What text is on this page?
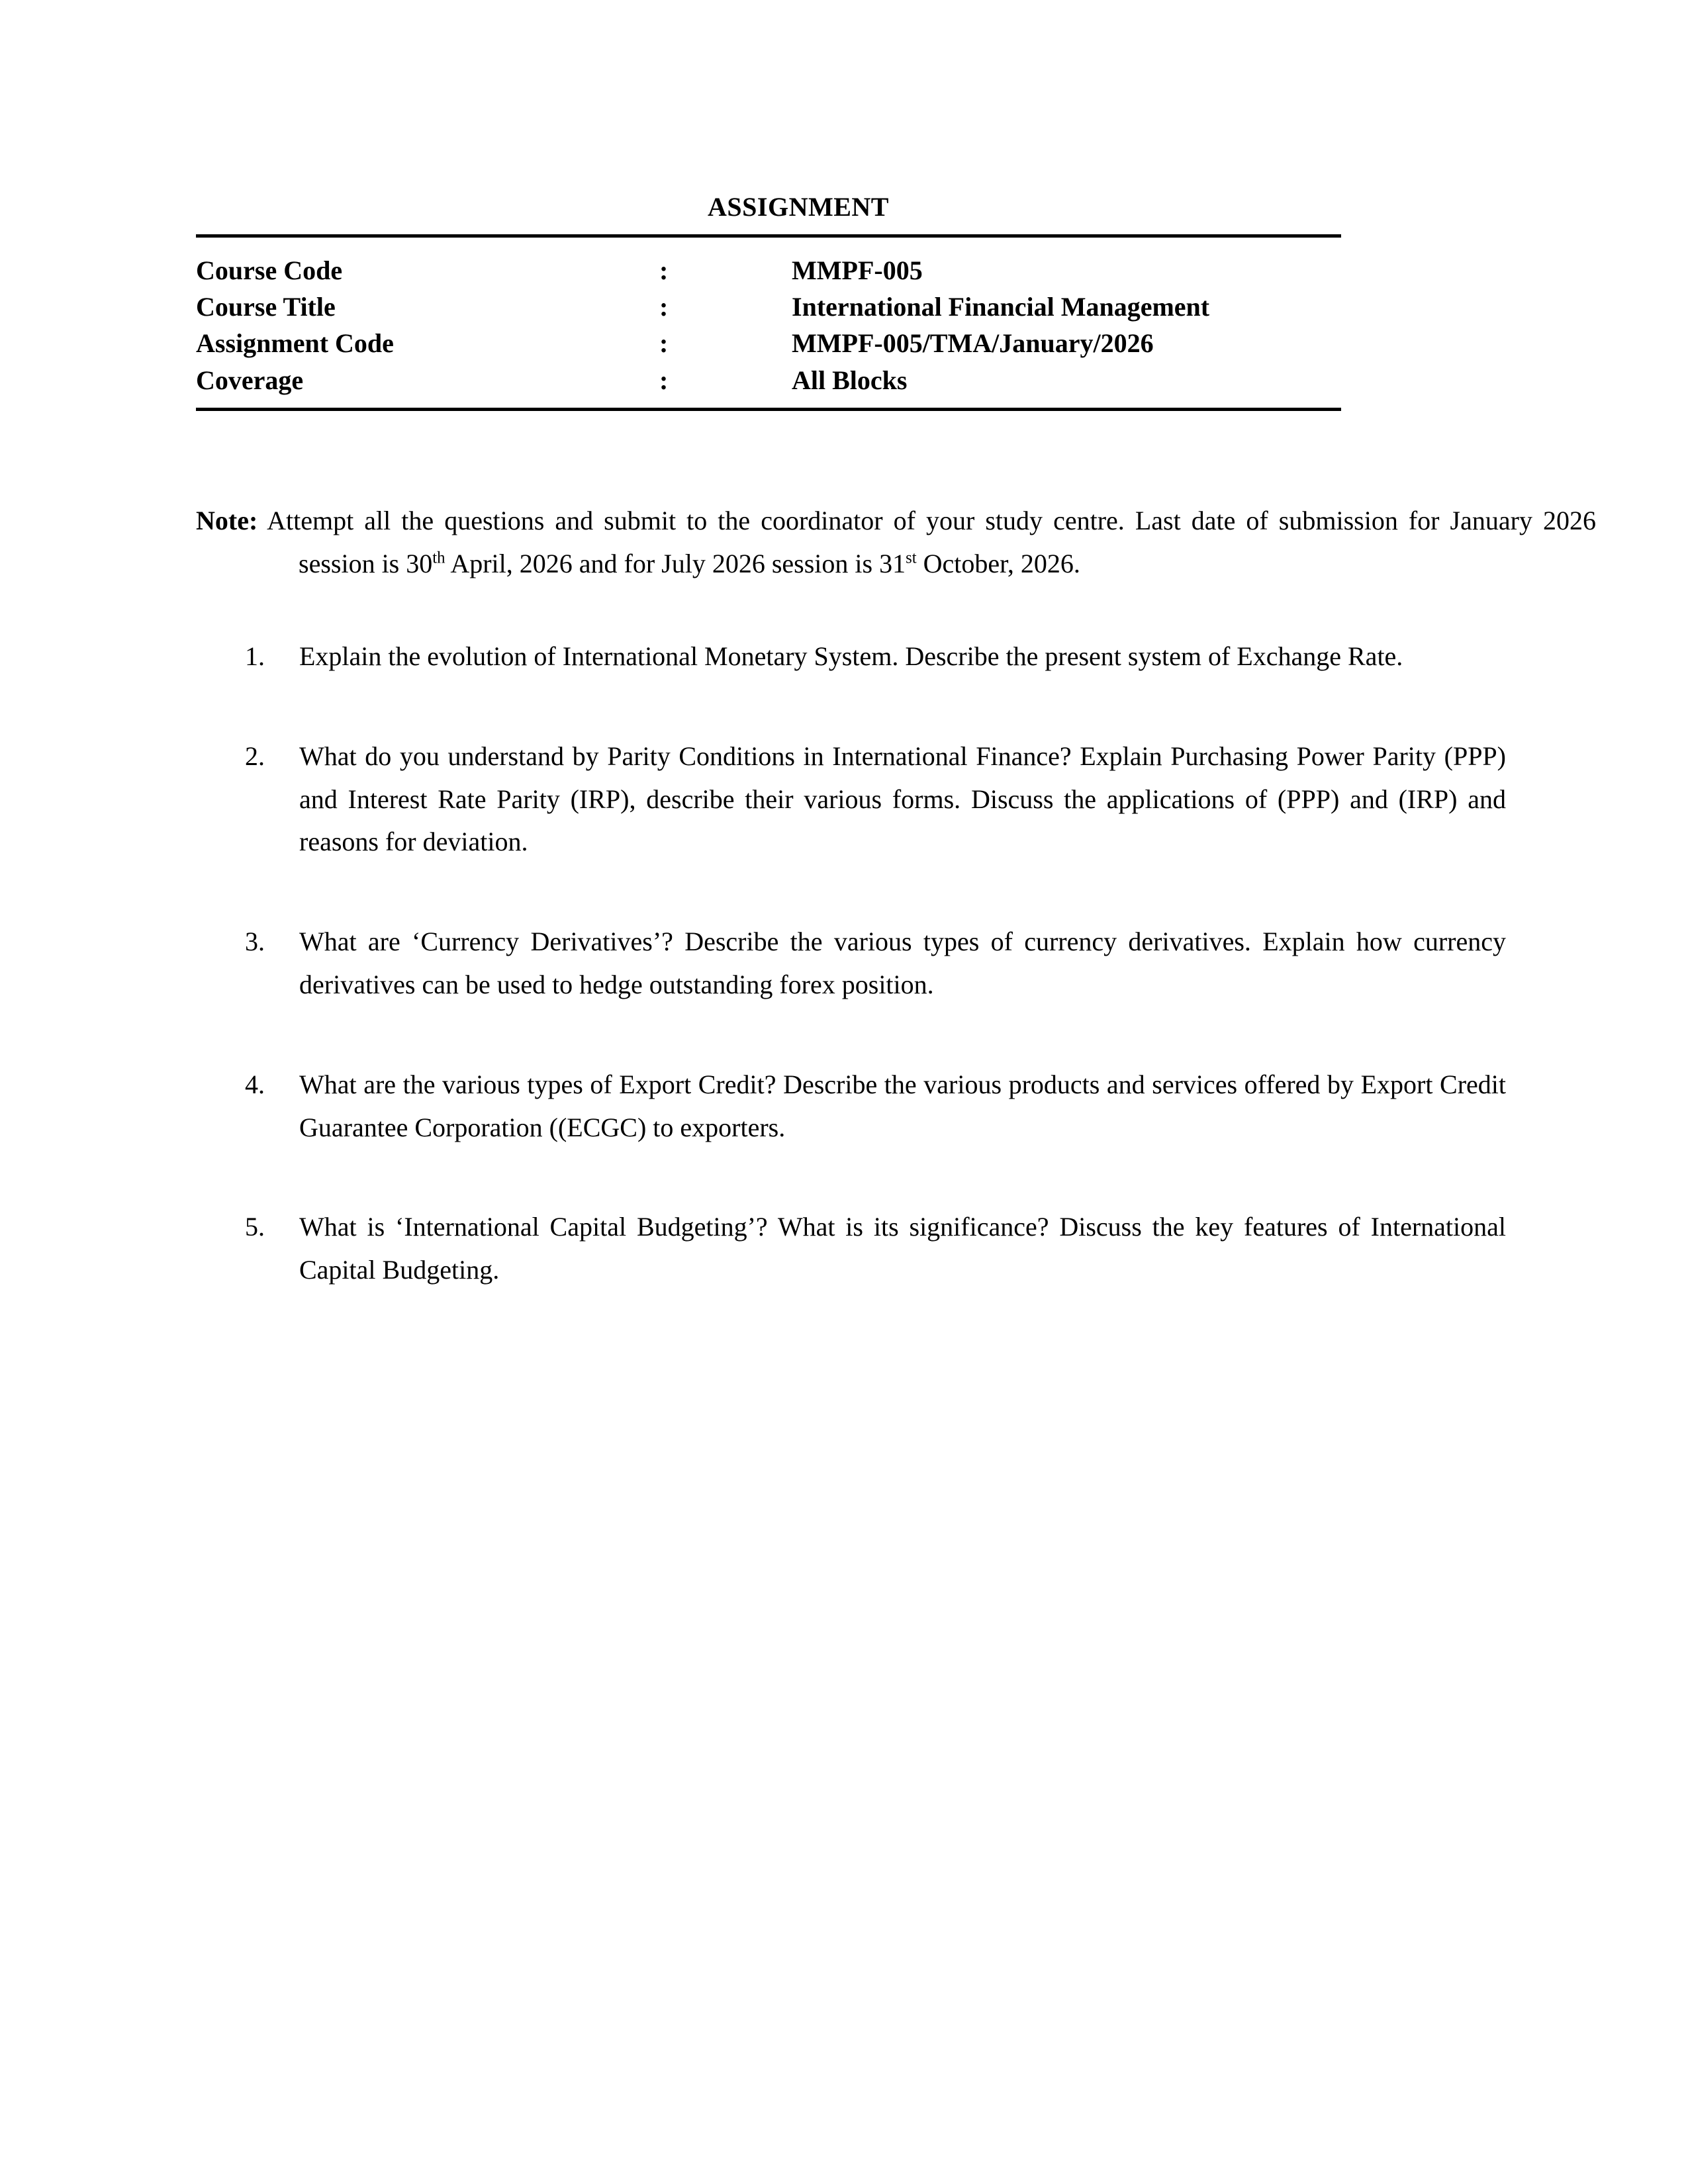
ASSIGNMENT
Course Code	:	MMPF-005
Course Title	:	International Financial Management
Assignment Code	:	MMPF-005/TMA/January/2026
Coverage	:	All Blocks

Note: Attempt all the questions and submit to the coordinator of your study centre. Last date of submission for January 2026 session is 30th April, 2026 and for July 2026 session is 31st October, 2026.

1.	Explain the evolution of International Monetary System. Describe the present system of Exchange Rate.
2.	What do you understand by Parity Conditions in International Finance? Explain Purchasing Power Parity (PPP) and Interest Rate Parity (IRP), describe their various forms. Discuss the applications of (PPP) and (IRP) and reasons for deviation.
3.	What are ‘Currency Derivatives’? Describe the various types of currency derivatives. Explain how currency derivatives can be used to hedge outstanding forex position.
4.	What are the various types of Export Credit? Describe the various products and services offered by Export Credit Guarantee Corporation ((ECGC) to exporters.
5.	What is ‘International Capital Budgeting’? What is its significance? Discuss the key features of International Capital Budgeting.
